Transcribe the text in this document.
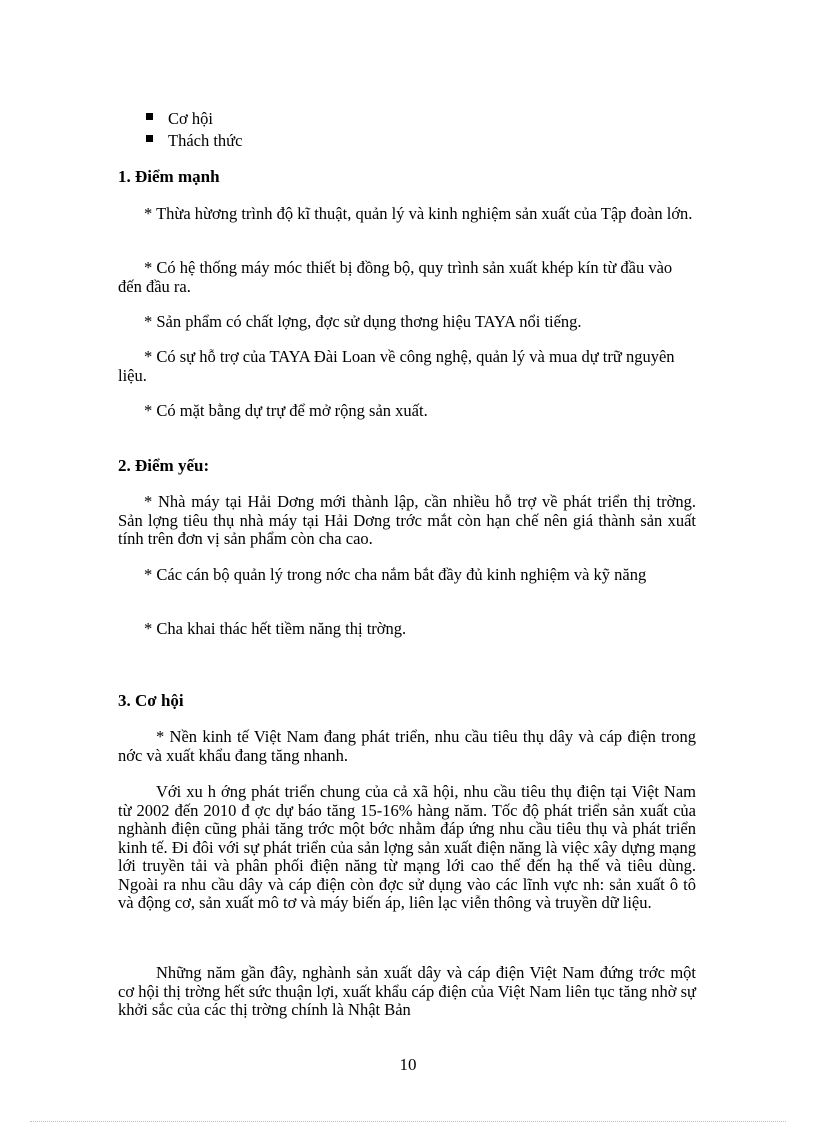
Cơ hội
Thách thức
1. Điểm mạnh

* Thừa hừơng trình độ kĩ thuật, quản lý và kinh nghiệm sản xuất của Tập đoàn lớn.

* Có hệ thống máy móc thiết bị đồng bộ, quy trình sản xuất khép kín từ đầu vào đến đầu ra.

* Sản phẩm có chất lợng, đợc sử dụng thơng hiệu TAYA nổi tiếng.

* Có sự hỗ trợ của TAYA Đài Loan về công nghệ, quản lý và mua dự trữ nguyên liệu.

* Có mặt bằng dự trự để mở rộng sản xuất.

2. Điểm yếu:

* Nhà máy tại Hải Dơng mới thành lập, cần nhiều hỗ trợ về phát triển thị trờng. Sản lợng tiêu thụ nhà máy tại Hải Dơng trớc mắt còn hạn chế nên giá thành sản xuất tính trên đơn vị sản phẩm còn cha cao.

* Các cán bộ quản lý trong nớc cha nắm bắt đầy đủ kinh nghiệm và kỹ năng

* Cha khai thác hết tiềm năng thị trờng.

3. Cơ hội

* Nền kinh tế Việt Nam đang phát triển, nhu cầu tiêu thụ dây và cáp điện trong nớc và xuất khẩu đang tăng nhanh.

Với xu h ớng phát triển chung của cả xã hội, nhu cầu tiêu thụ điện tại Việt Nam từ 2002 đến 2010 đ ợc dự báo tăng 15-16% hàng năm. Tốc độ phát triển sản xuất của nghành điện cũng phải tăng trớc một bớc nhằm đáp ứng nhu cầu tiêu thụ và phát triển kinh tế. Đi đôi với sự phát triển của sản lợng sản xuất điện năng là việc xây dựng mạng lới truyền tải và phân phối điện năng từ mạng lới cao thế đến hạ thế và tiêu dùng. Ngoài ra nhu cầu dây và cáp điện còn đợc sử dụng vào các lĩnh vực nh: sản xuất ô tô và động cơ, sản xuất mô tơ và máy biến áp, liên lạc viễn thông và truyền dữ liệu.

Những năm gần đây, nghành sản xuất dây và cáp điện Việt Nam đứng trớc một cơ hội thị trờng hết sức thuận lợi, xuất khẩu cáp điện của Việt Nam liên tục tăng nhờ sự khởi sắc của các thị trờng chính là Nhật Bản

10
